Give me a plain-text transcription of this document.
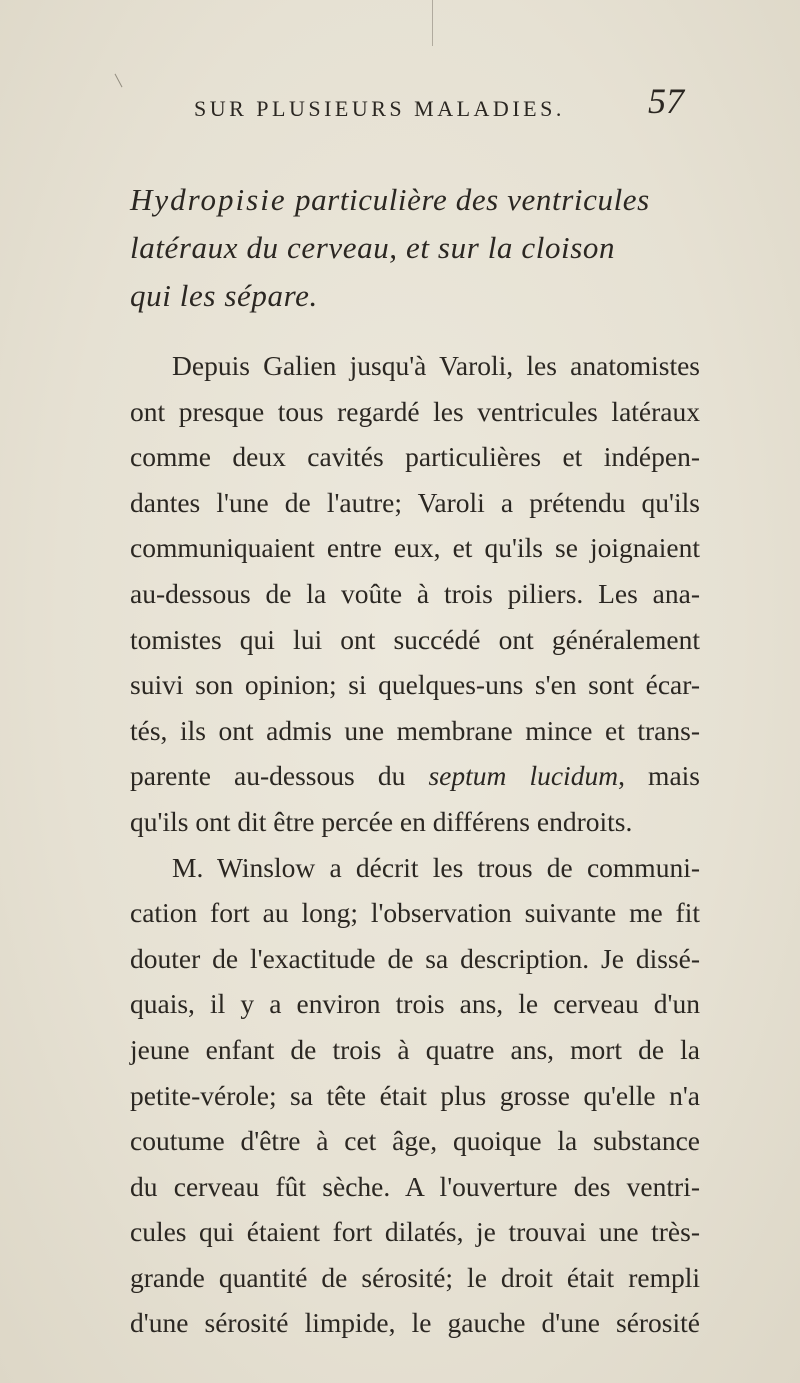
SUR PLUSIEURS MALADIES. 57
Hydropisie particulière des ventricules
latéraux du cerveau, et sur la cloison
qui les sépare.
Depuis Galien jusqu'à Varoli, les anatomistes
ont presque tous regardé les ventricules latéraux
comme deux cavités particulières et indépen-
dantes l'une de l'autre; Varoli a prétendu qu'ils
communiquaient entre eux, et qu'ils se joignaient
au-dessous de la voûte à trois piliers. Les ana-
tomistes qui lui ont succédé ont généralement
suivi son opinion; si quelques-uns s'en sont écar-
tés, ils ont admis une membrane mince et trans-
parente au-dessous du septum lucidum, mais
qu'ils ont dit être percée en différens endroits.
M. Winslow a décrit les trous de communi-
cation fort au long; l'observation suivante me fit
douter de l'exactitude de sa description. Je dissé-
quais, il y a environ trois ans, le cerveau d'un
jeune enfant de trois à quatre ans, mort de la
petite-vérole; sa tête était plus grosse qu'elle n'a
coutume d'être à cet âge, quoique la substance
du cerveau fût sèche. A l'ouverture des ventri-
cules qui étaient fort dilatés, je trouvai une très-
grande quantité de sérosité; le droit était rempli
d'une sérosité limpide, le gauche d'une sérosité
